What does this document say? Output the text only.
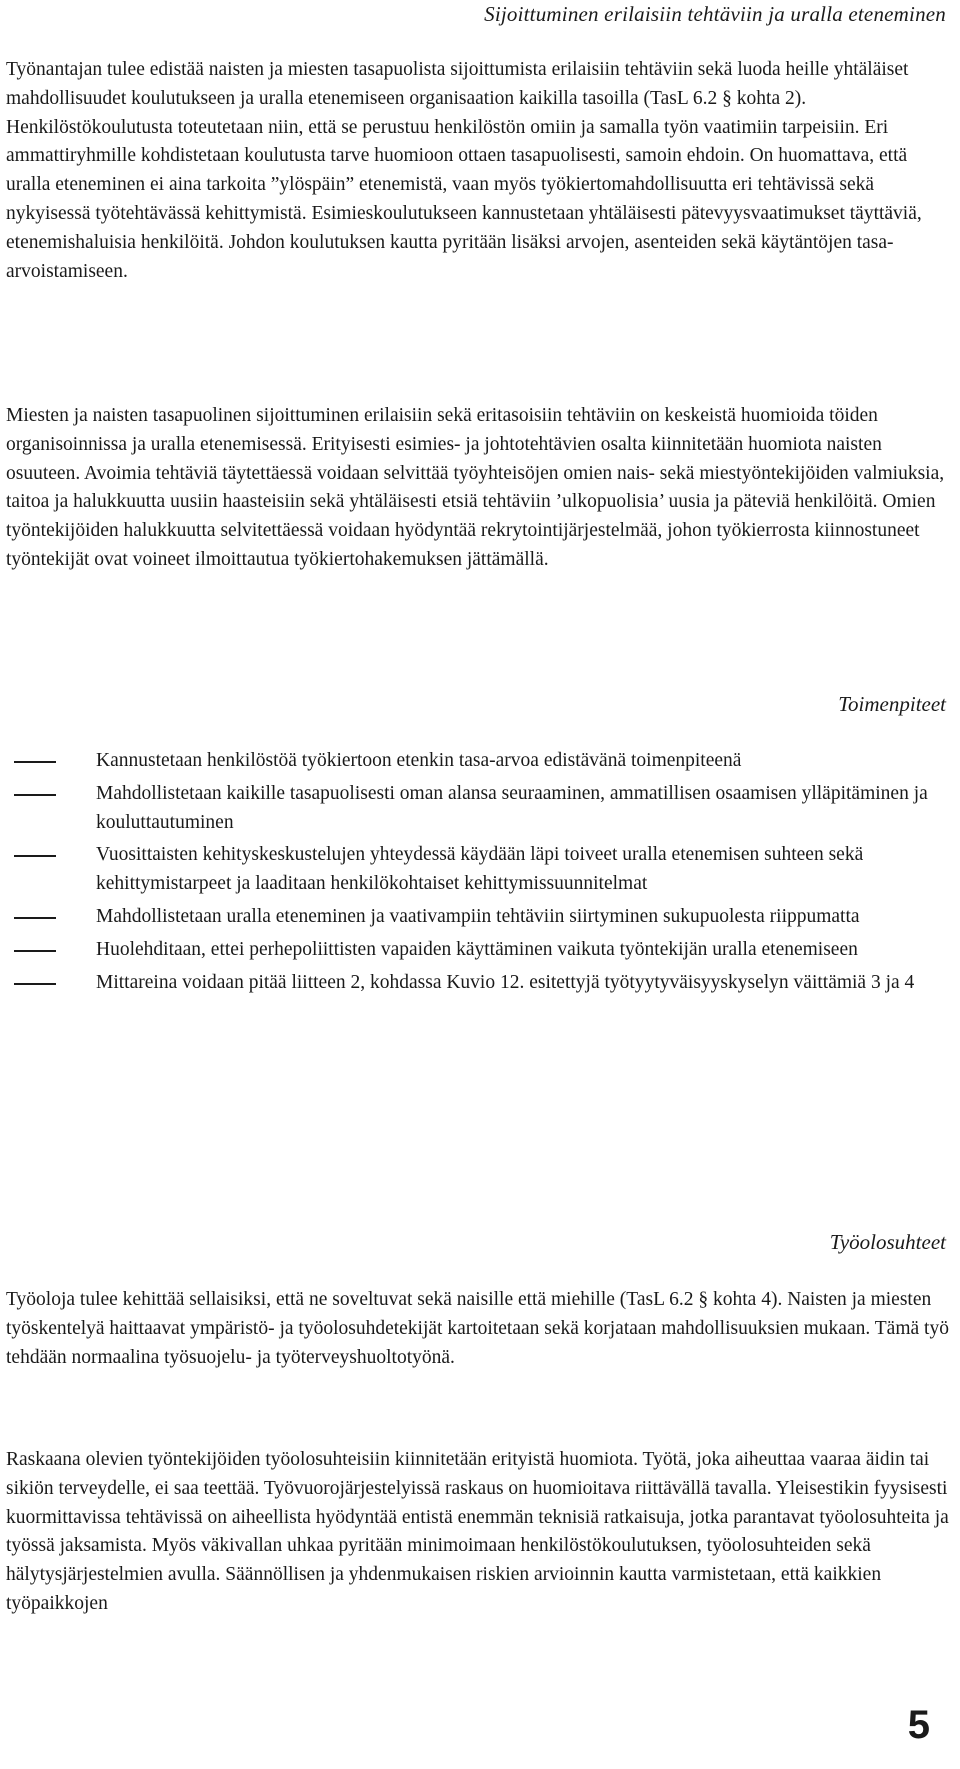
Sijoittuminen erilaisiin tehtäviin ja uralla eteneminen

Työnantajan tulee edistää naisten ja miesten tasapuolista sijoittumista erilaisiin tehtäviin sekä luoda heille yhtäläiset mahdollisuudet koulutukseen ja uralla etenemiseen organisaation kaikilla tasoilla (TasL 6.2 § kohta 2). Henkilöstökoulutusta toteutetaan niin, että se perustuu henkilöstön omiin ja samalla työn vaatimiin tarpeisiin. Eri ammattiryhmille kohdistetaan koulutusta tarve huomioon ottaen tasapuolisesti, samoin ehdoin. On huomattava, että uralla eteneminen ei aina tarkoita ”ylöspäin” etenemistä, vaan myös työkiertomahdollisuutta eri tehtävissä sekä nykyisessä työtehtävässä kehittymistä. Esimieskoulutukseen kannustetaan yhtäläisesti pätevyysvaatimukset täyttäviä, etenemishaluisia henkilöitä. Johdon koulutuksen kautta pyritään lisäksi arvojen, asenteiden sekä käytäntöjen tasa-arvoistamiseen.

Miesten ja naisten tasapuolinen sijoittuminen erilaisiin sekä eritasoisiin tehtäviin on keskeistä huomioida töiden organisoinnissa ja uralla etenemisessä. Erityisesti esimies- ja johtotehtävien osalta kiinnitetään huomiota naisten osuuteen. Avoimia tehtäviä täytettäessä voidaan selvittää työyhteisöjen omien nais- sekä miestyöntekijöiden valmiuksia, taitoa ja halukkuutta uusiin haasteisiin sekä yhtäläisesti etsiä tehtäviin ’ulkopuolisia’ uusia ja päteviä henkilöitä. Omien työntekijöiden halukkuutta selvitettäessä voidaan hyödyntää rekrytointijärjestelmää, johon työkierrosta kiinnostuneet työntekijät ovat voineet ilmoittautua työkiertohakemuksen jättämällä.

Toimenpiteet
Kannustetaan henkilöstöä työkiertoon etenkin tasa-arvoa edistävänä toimenpiteenä
Mahdollistetaan kaikille tasapuolisesti oman alansa seuraaminen, ammatillisen osaamisen ylläpitäminen ja kouluttautuminen
Vuosittaisten kehityskeskustelujen yhteydessä käydään läpi toiveet uralla etenemisen suhteen sekä kehittymistarpeet ja laaditaan henkilökohtaiset kehittymissuunnitelmat
Mahdollistetaan uralla eteneminen ja vaativampiin tehtäviin siirtyminen sukupuolesta riippumatta
Huolehditaan, ettei perhepoliittisten vapaiden käyttäminen vaikuta työntekijän uralla etenemiseen
Mittareina voidaan pitää liitteen 2, kohdassa Kuvio 12. esitettyjä työtyytyväisyyskyselyn väittämiä 3 ja 4
Työolosuhteet

Työoloja tulee kehittää sellaisiksi, että ne soveltuvat sekä naisille että miehille (TasL 6.2 § kohta 4). Naisten ja miesten työskentelyä haittaavat ympäristö- ja työolosuhdetekijät kartoitetaan sekä korjataan mahdollisuuksien mukaan. Tämä työ tehdään normaalina työsuojelu- ja työterveyshuoltotyönä.

Raskaana olevien työntekijöiden työolosuhteisiin kiinnitetään erityistä huomiota. Työtä, joka aiheuttaa vaaraa äidin tai sikiön terveydelle, ei saa teettää. Työvuorojärjestelyissä raskaus on huomioitava riittävällä tavalla. Yleisestikin fyysisesti kuormittavissa tehtävissä on aiheellista hyödyntää entistä enemmän teknisiä ratkaisuja, jotka parantavat työolosuhteita ja työssä jaksamista. Myös väkivallan uhkaa pyritään minimoimaan henkilöstökoulutuksen, työolosuhteiden sekä hälytysjärjestelmien avulla. Säännöllisen ja yhdenmukaisen riskien arvioinnin kautta varmistetaan, että kaikkien työpaikkojen

5
